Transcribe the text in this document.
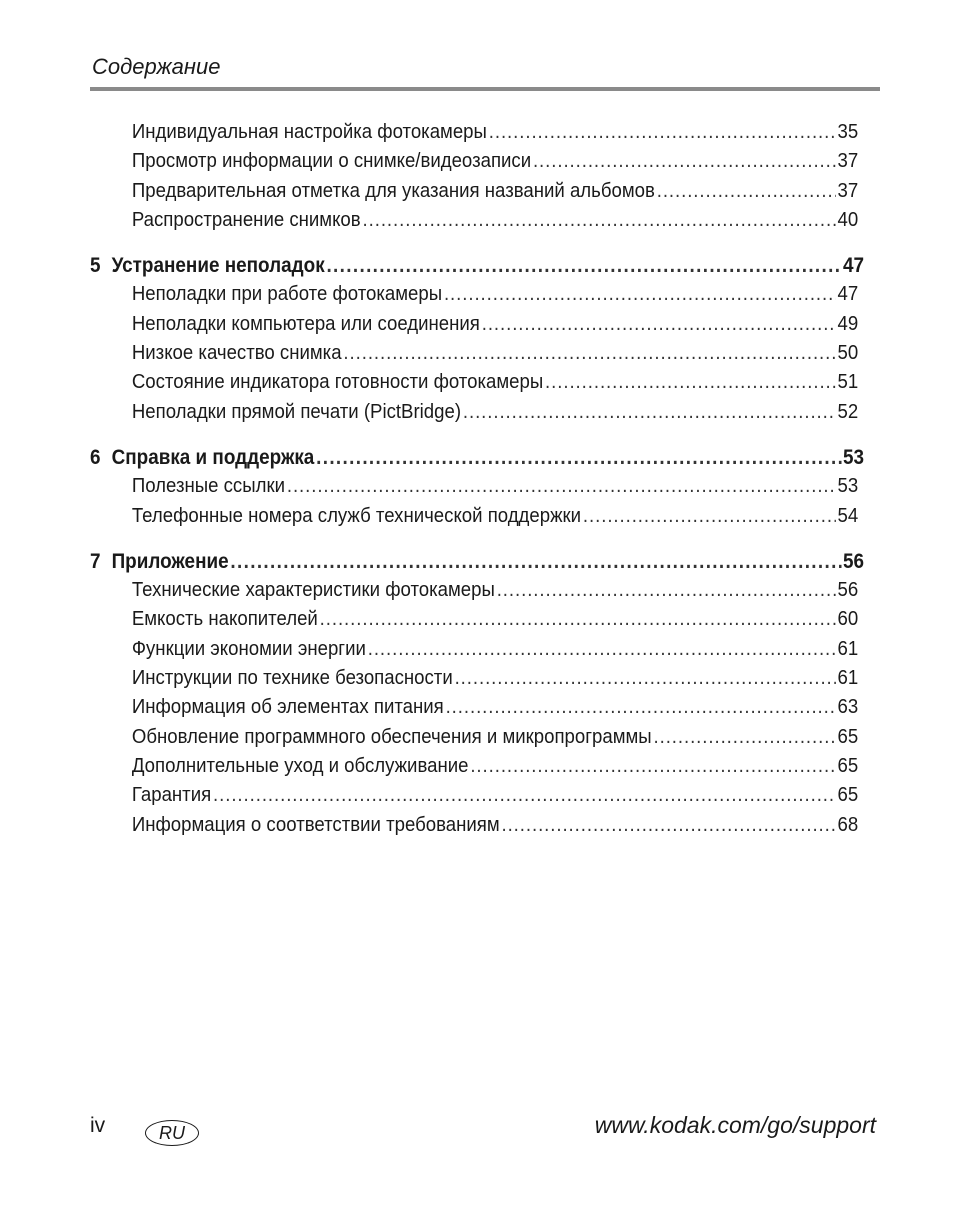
Содержание
Индивидуальная настройка фотокамеры .....	35
Просмотр информации о снимке/видеозаписи .....	37
Предварительная отметка для указания названий альбомов .....	37
Распространение снимков .....	40
5 Устранение неполадок .....	47
Неполадки при работе фотокамеры .....	47
Неполадки компьютера или соединения .....	49
Низкое качество снимка .....	50
Состояние индикатора готовности фотокамеры .....	51
Неполадки прямой печати (PictBridge) .....	52
6 Справка и поддержка .....	53
Полезные ссылки .....	53
Телефонные номера служб технической поддержки .....	54
7 Приложение .....	56
Технические характеристики фотокамеры .....	56
Емкость накопителей .....	60
Функции экономии энергии .....	61
Инструкции по технике безопасности .....	61
Информация об элементах питания .....	63
Обновление программного обеспечения и микропрограммы .....	65
Дополнительные уход и обслуживание .....	65
Гарантия .....	65
Информация о соответствии требованиям .....	68
iv	RU	www.kodak.com/go/support
